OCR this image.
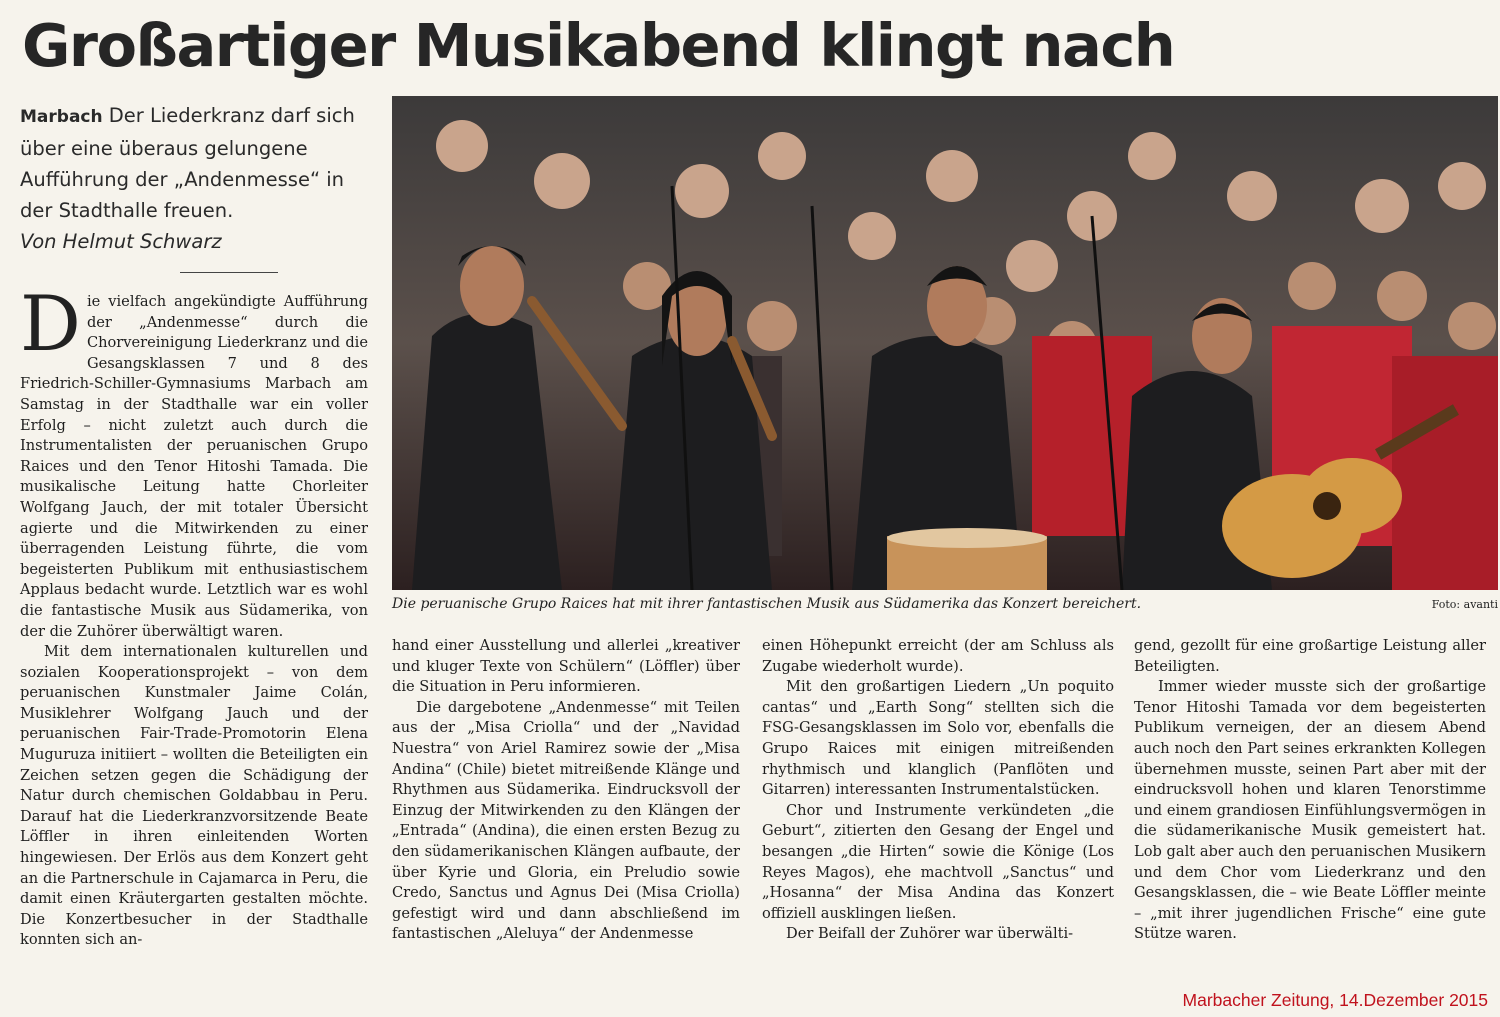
Großartiger Musikabend klingt nach
Marbach Der Liederkranz darf sich über eine überaus gelungene Aufführung der „Andenmesse“ in der Stadthalle freuen.
Von Helmut Schwarz

Die vielfach angekündigte Aufführung der „Andenmesse“ durch die Chorvereinigung Liederkranz und die Gesangsklassen 7 und 8 des Friedrich-Schiller-Gymnasiums Marbach am Samstag in der Stadthalle war ein voller Erfolg – nicht zuletzt auch durch die Instrumentalisten der peruanischen Grupo Raices und den Tenor Hitoshi Tamada. Die musikalische Leitung hatte Chorleiter Wolfgang Jauch, der mit totaler Übersicht agierte und die Mitwirkenden zu einer überragenden Leistung führte, die vom begeisterten Publikum mit enthusiastischem Applaus bedacht wurde. Letztlich war es wohl die fantastische Musik aus Südamerika, von der die Zuhörer überwältigt waren.

Mit dem internationalen kulturellen und sozialen Kooperationsprojekt – von dem peruanischen Kunstmaler Jaime Colán, Musiklehrer Wolfgang Jauch und der peruanischen Fair-Trade-Promotorin Elena Muguruza initiiert – wollten die Beteiligten ein Zeichen setzen gegen die Schädigung der Natur durch chemischen Goldabbau in Peru. Darauf hat die Liederkranzvorsitzende Beate Löffler in ihren einleitenden Worten hingewiesen. Der Erlös aus dem Konzert geht an die Partnerschule in Cajamarca in Peru, die damit einen Kräutergarten gestalten möchte. Die Konzertbesucher in der Stadthalle konnten sich an-

Die peruanische Grupo Raices hat mit ihrer fantastischen Musik aus Südamerika das Konzert bereichert.	Foto: avanti

hand einer Ausstellung und allerlei „kreativer und kluger Texte von Schülern“ (Löffler) über die Situation in Peru informieren.

Die dargebotene „Andenmesse“ mit Teilen aus der „Misa Criolla“ und der „Navidad Nuestra“ von Ariel Ramirez sowie der „Misa Andina“ (Chile) bietet mitreißende Klänge und Rhythmen aus Südamerika. Eindrucksvoll der Einzug der Mitwirkenden zu den Klängen der „Entrada“ (Andina), die einen ersten Bezug zu den südamerikanischen Klängen aufbaute, der über Kyrie und Gloria, ein Preludio sowie Credo, Sanctus und Agnus Dei (Misa Criolla) gefestigt wird und dann abschließend im fantastischen „Aleluya“ der Andenmesse

einen Höhepunkt erreicht (der am Schluss als Zugabe wiederholt wurde).

Mit den großartigen Liedern „Un poquito cantas“ und „Earth Song“ stellten sich die FSG-Gesangsklassen im Solo vor, ebenfalls die Grupo Raices mit einigen mitreißenden rhythmisch und klanglich (Panflöten und Gitarren) interessanten Instrumentalstücken.

Chor und Instrumente verkündeten „die Geburt“, zitierten den Gesang der Engel und besangen „die Hirten“ sowie die Könige (Los Reyes Magos), ehe machtvoll „Sanctus“ und „Hosanna“ der Misa Andina das Konzert offiziell ausklingen ließen.

Der Beifall der Zuhörer war überwälti-

gend, gezollt für eine großartige Leistung aller Beteiligten.

Immer wieder musste sich der großartige Tenor Hitoshi Tamada vor dem begeisterten Publikum verneigen, der an diesem Abend auch noch den Part seines erkrankten Kollegen übernehmen musste, seinen Part aber mit der eindrucksvoll hohen und klaren Tenorstimme und einem grandiosen Einfühlungsvermögen in die südamerikanische Musik gemeistert hat. Lob galt aber auch den peruanischen Musikern und dem Chor vom Liederkranz und den Gesangsklassen, die – wie Beate Löffler meinte – „mit ihrer jugendlichen Frische“ eine gute Stütze waren.

Marbacher Zeitung, 14.Dezember 2015
